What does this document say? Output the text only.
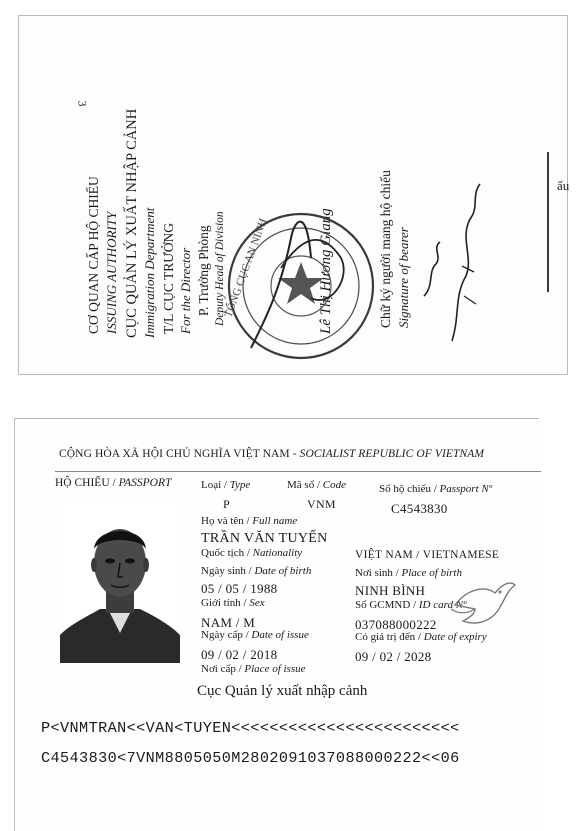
3
CƠ QUAN CẤP HỘ CHIẾU ISSUING AUTHORITY CỤC QUẢN LÝ XUẤT NHẬP CẢNH Immigration Department T/L CỤC TRƯỞNG For the Director P. Trưởng Phòng Deputy Head of Division	Lê Thị Hương Giang
TỔNG CỤC AN NINH	Chữ ký người mang hộ chiếu Signature of bearer
ẩu
CỘNG HÒA XÃ HỘI CHỦ NGHĨA VIỆT NAM - SOCIALIST REPUBLIC OF VIETNAM
HỘ CHIẾU / PASSPORT	Loại / Type
P
Mã số / Code
VNM
Số hộ chiếu / Passport Nº
C4543830
Họ và tên / Full name
TRẦN VĂN TUYỂN
Quốc tịch / Nationality	VIỆT NAM / VIETNAMESE
Ngày sinh / Date of birth
05 / 05 / 1988
Nơi sinh / Place of birth
NINH BÌNH
Giới tính / Sex
NAM / M
Số GCMND / ID card Nº
037088000222
Ngày cấp / Date of issue
09 / 02 / 2018
Có giá trị đến / Date of expiry
09 / 02 / 2028
Nơi cấp / Place of issue
Cục Quản lý xuất nhập cảnh
P<VNMTRAN<<VAN<TUYEN<<<<<<<<<<<<<<<<<<<<<<<<
C4543830<7VNM8805050M2802091037088000222<<06
